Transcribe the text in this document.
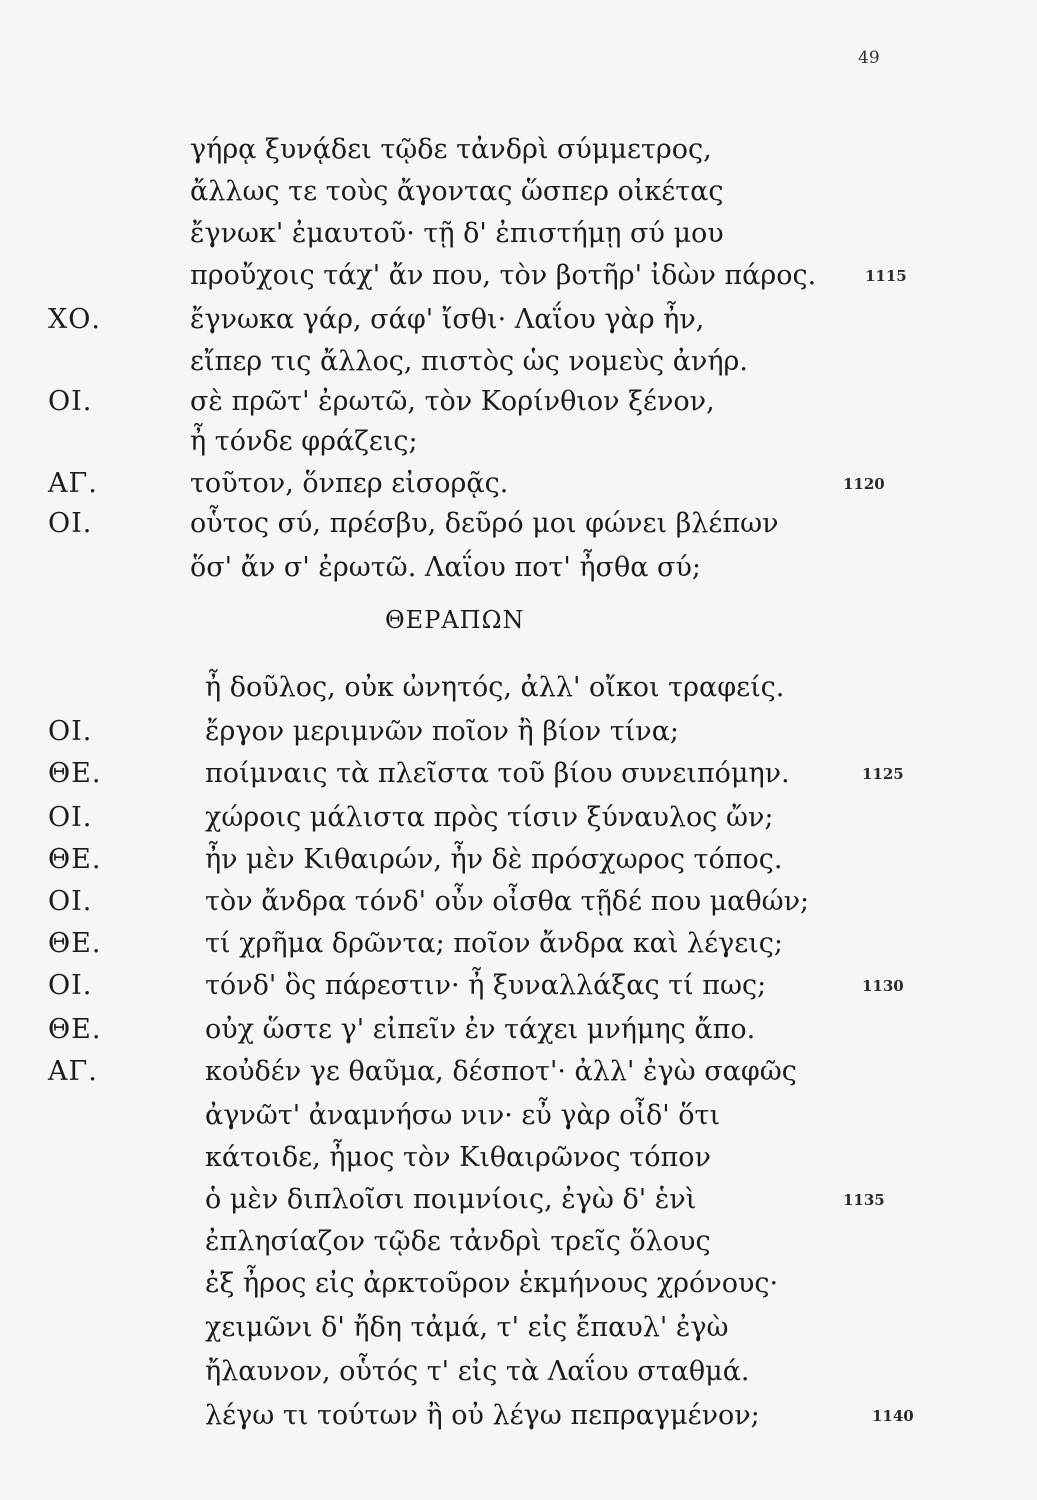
49
γήρᾳ ξυνᾴδει τῷδε τἀνδρὶ σύμμετρος,
ἄλλως τε τοὺς ἄγοντας ὥσπερ οἰκέτας
ἔγνωκ' ἐμαυτοῦ· τῇ δ' ἐπιστήμῃ σύ μου
προὔχοις τάχ' ἄν που, τὸν βοτῆρ' ἰδὼν πάρος.	1115
ΧΟ.	ἔγνωκα γάρ, σάφ' ἴσθι· Λαΐου γὰρ ἦν,
εἴπερ τις ἄλλος, πιστὸς ὡς νομεὺς ἀνήρ.
ΟΙ.	σὲ πρῶτ' ἐρωτῶ, τὸν Κορίνθιον ξένον,
ἦ τόνδε φράζεις;
ΑΓ.	τοῦτον, ὅνπερ εἰσορᾷς.	1120
ΟΙ.	οὗτος σύ, πρέσβυ, δεῦρό μοι φώνει βλέπων
ὅσ' ἄν σ' ἐρωτῶ. Λαΐου ποτ' ἦσθα σύ;
ΘΕΡΑΠΩΝ
ἦ δοῦλος, οὐκ ὠνητός, ἀλλ' οἴκοι τραφείς.
ΟΙ.	ἔργον μεριμνῶν ποῖον ἢ βίον τίνα;
ΘΕ.	ποίμναις τὰ πλεῖστα τοῦ βίου συνειπόμην.	1125
ΟΙ.	χώροις μάλιστα πρὸς τίσιν ξύναυλος ὤν;
ΘΕ.	ἦν μὲν Κιθαιρών, ἦν δὲ πρόσχωρος τόπος.
ΟΙ.	τὸν ἄνδρα τόνδ' οὖν οἶσθα τῇδέ που μαθών;
ΘΕ.	τί χρῆμα δρῶντα; ποῖον ἄνδρα καὶ λέγεις;
ΟΙ.	τόνδ' ὃς πάρεστιν· ἦ ξυναλλάξας τί πως;	1130
ΘΕ.	οὐχ ὥστε γ' εἰπεῖν ἐν τάχει μνήμης ἄπο.
ΑΓ.	κοὐδέν γε θαῦμα, δέσποτ'· ἀλλ' ἐγὼ σαφῶς
ἀγνῶτ' ἀναμνήσω νιν· εὖ γὰρ οἶδ' ὅτι
κάτοιδε, ἦμος τὸν Κιθαιρῶνος τόπον
ὁ μὲν διπλοῖσι ποιμνίοις, ἐγὼ δ' ἑνὶ	1135
ἐπλησίαζον τῷδε τἀνδρὶ τρεῖς ὅλους
ἐξ ἦρος εἰς ἀρκτοῦρον ἑκμήνους χρόνους·
χειμῶνι δ' ἤδη τἀμά, τ' εἰς ἔπαυλ' ἐγὼ
ἤλαυνον, οὗτός τ' εἰς τὰ Λαΐου σταθμά.
λέγω τι τούτων ἢ οὐ λέγω πεπραγμένον;	1140
